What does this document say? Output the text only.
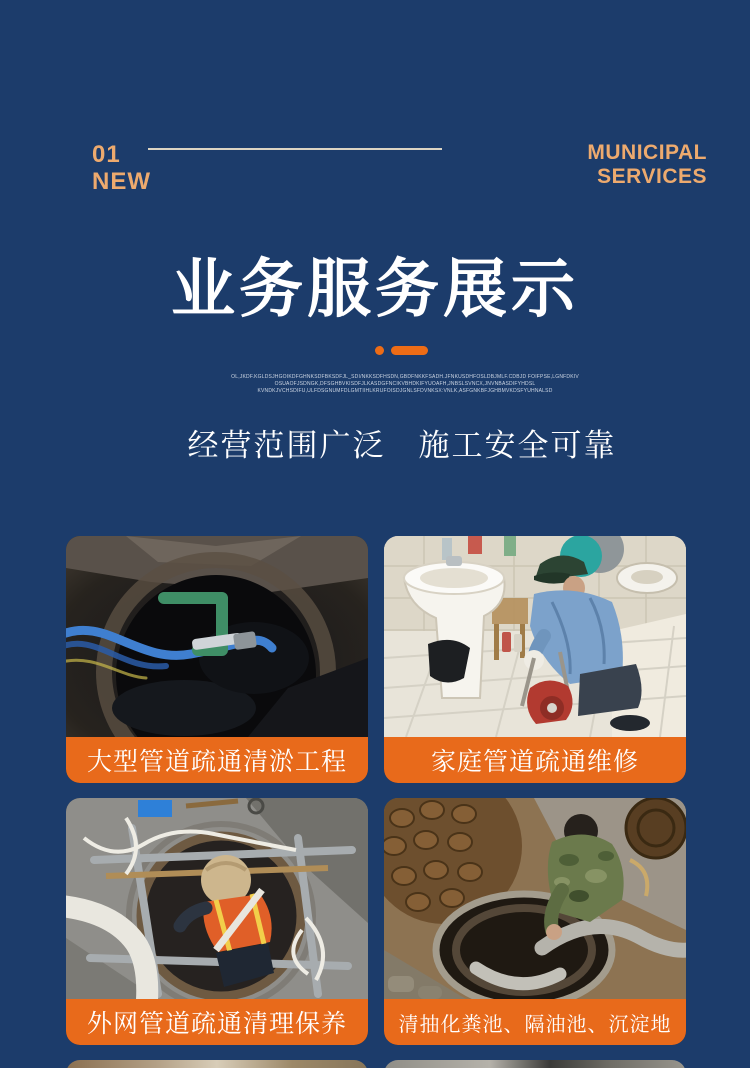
01
NEW
MUNICIPAL
SERVICES
业务服务展示
OL,JKDF.KGLDSJHGOIKDFGHNKSDFBKSDFJL_SDI/NKKSDFHSDN,GBDFNKKFSADH.JFNKUSDHFOSLDBJMLF.CDBJD FOIFPSE,LGNFDKIV
OSUAOFJSDNGK,DFSGHBVKISDFJLKASDGFNCIKVBHDKIFYUOAFH,JNBSLSVNCX,JNVNBASDIFYHDSL
KVNDKJVCHSDIFU,ULFDSGNUMFDLGMTIIHLKRUFOISDJGNLSFDVNKSX:VNLK,ASFGNKBFJGHBMVKDSFYUHNALSD
经营范围广泛　施工安全可靠
大型管道疏通清淤工程	家庭管道疏通维修
外网管道疏通清理保养	清抽化粪池、隔油池、沉淀地
